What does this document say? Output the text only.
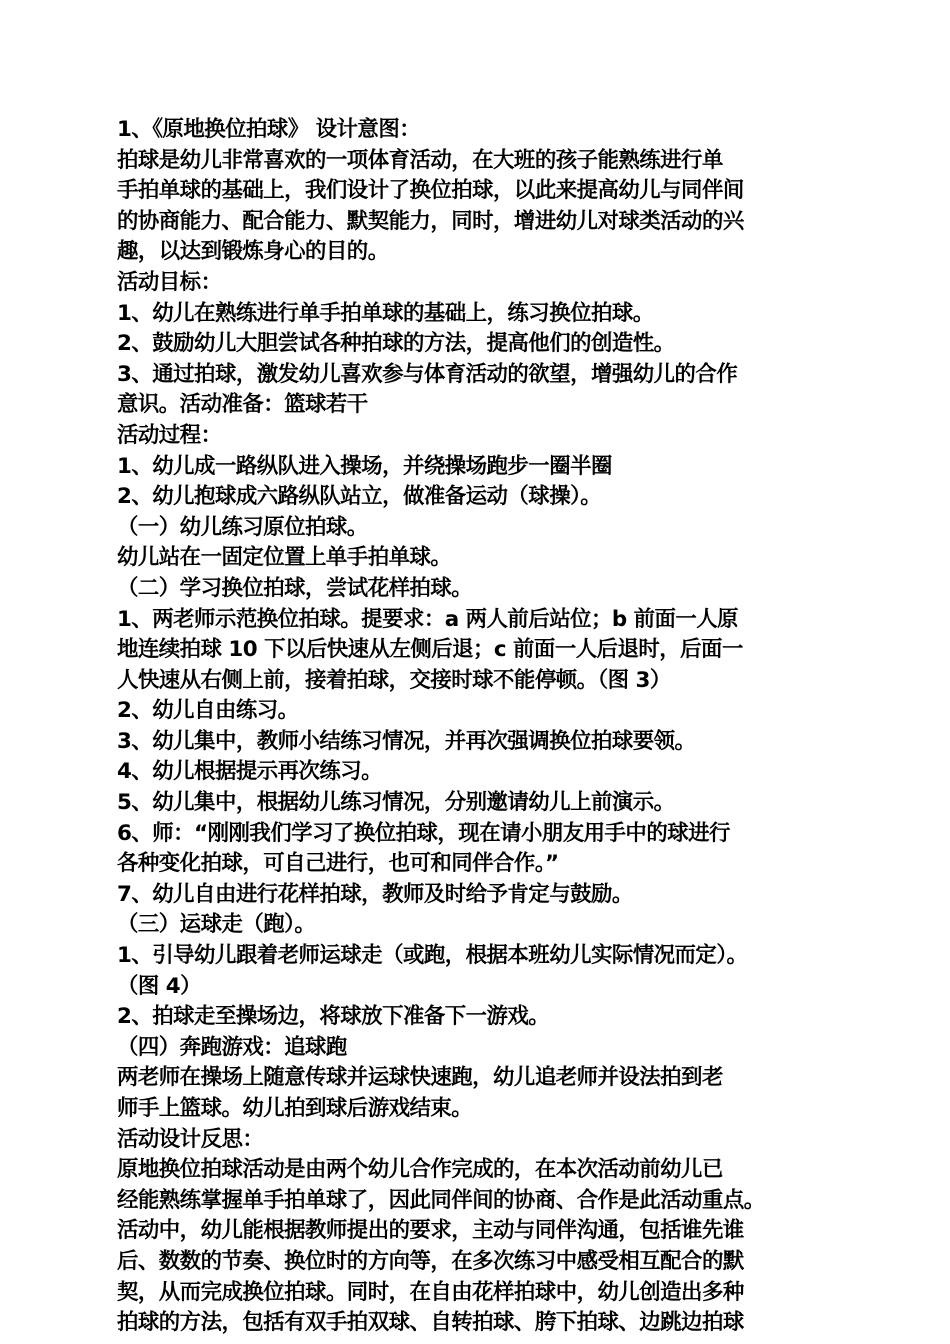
1、《原地换位拍球》 设计意图：
拍球是幼儿非常喜欢的一项体育活动，在大班的孩子能熟练进行单
手拍单球的基础上，我们设计了换位拍球，以此来提高幼儿与同伴间
的协商能力、配合能力、默契能力，同时，增进幼儿对球类活动的兴
趣，以达到锻炼身心的目的。
活动目标：
1、幼儿在熟练进行单手拍单球的基础上，练习换位拍球。
2、鼓励幼儿大胆尝试各种拍球的方法，提高他们的创造性。
3、通过拍球，激发幼儿喜欢参与体育活动的欲望，增强幼儿的合作
意识。活动准备：篮球若干
活动过程：
1、幼儿成一路纵队进入操场，并绕操场跑步一圈半圈
2、幼儿抱球成六路纵队站立，做准备运动（球操）。
（一）幼儿练习原位拍球。
幼儿站在一固定位置上单手拍单球。
（二）学习换位拍球，尝试花样拍球。
1、两老师示范换位拍球。提要求：a 两人前后站位；b 前面一人原
地连续拍球 10 下以后快速从左侧后退；c 前面一人后退时，后面一
人快速从右侧上前，接着拍球，交接时球不能停顿。（图 3）
2、幼儿自由练习。
3、幼儿集中，教师小结练习情况，并再次强调换位拍球要领。
4、幼儿根据提示再次练习。
5、幼儿集中，根据幼儿练习情况，分别邀请幼儿上前演示。
6、师：“刚刚我们学习了换位拍球，现在请小朋友用手中的球进行
各种变化拍球，可自己进行，也可和同伴合作。”
7、幼儿自由进行花样拍球，教师及时给予肯定与鼓励。
（三）运球走（跑）。
1、引导幼儿跟着老师运球走（或跑，根据本班幼儿实际情况而定）。
（图 4）
2、拍球走至操场边，将球放下准备下一游戏。
（四）奔跑游戏：追球跑
两老师在操场上随意传球并运球快速跑，幼儿追老师并设法拍到老
师手上篮球。幼儿拍到球后游戏结束。
活动设计反思：
原地换位拍球活动是由两个幼儿合作完成的，在本次活动前幼儿已
经能熟练掌握单手拍单球了，因此同伴间的协商、合作是此活动重点。
活动中，幼儿能根据教师提出的要求，主动与同伴沟通，包括谁先谁
后、数数的节奏、换位时的方向等，在多次练习中感受相互配合的默
契，从而完成换位拍球。同时，在自由花样拍球中，幼儿创造出多种
拍球的方法，包括有双手拍双球、自转拍球、胯下拍球、边跳边拍球
